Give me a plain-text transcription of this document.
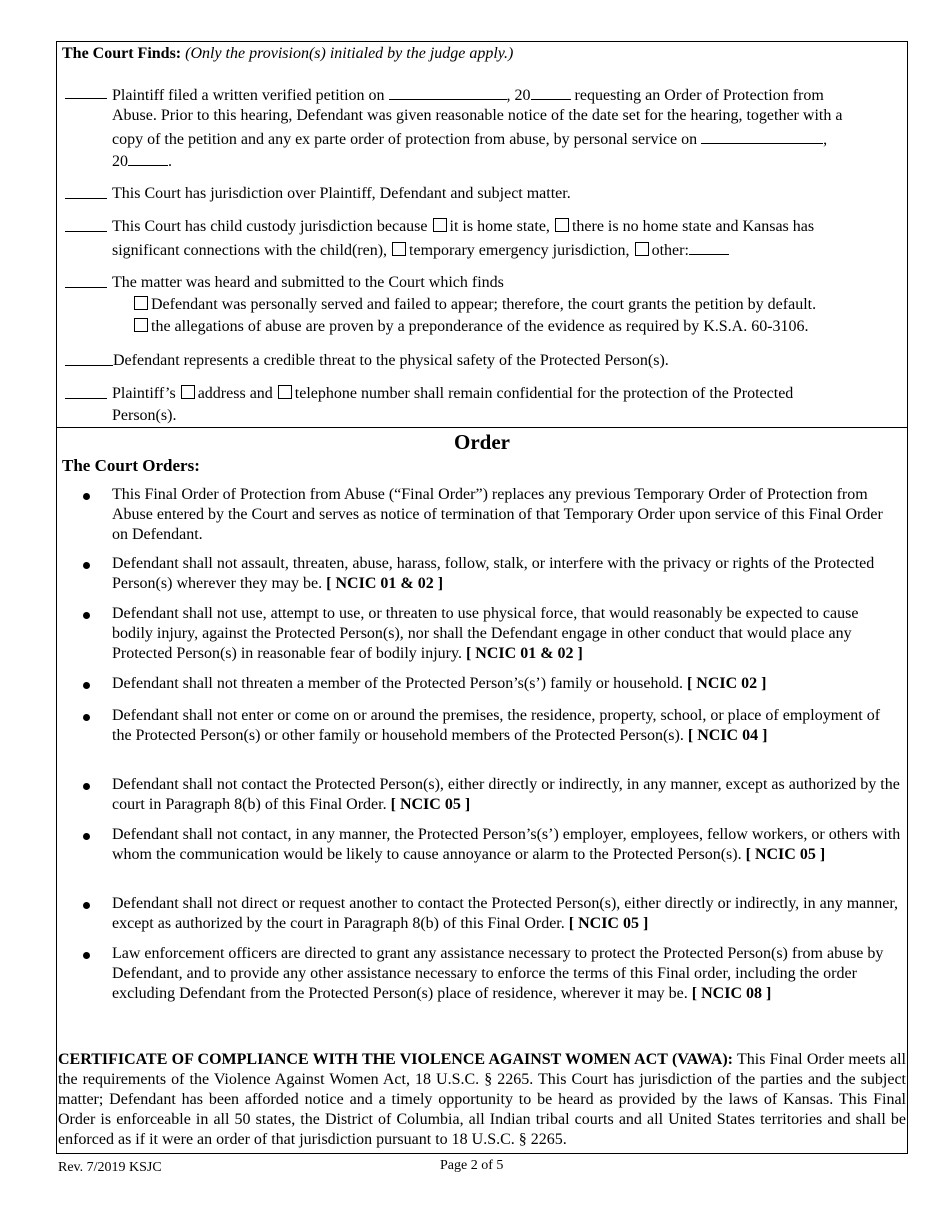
The Court Finds: (Only the provision(s) initialed by the judge apply.)
Plaintiff filed a written verified petition on	, 20	requesting an Order of Protection from
Abuse. Prior to this hearing, Defendant was given reasonable notice of the date set for the hearing, together with a
copy of the petition and any ex parte order of protection from abuse, by personal service on	,
20	.
This Court has jurisdiction over Plaintiff, Defendant and subject matter.
This Court has child custody jurisdiction because it is home state, there is no home state and Kansas has
significant connections with the child(ren), temporary emergency jurisdiction, other:
The matter was heard and submitted to the Court which finds
Defendant was personally served and failed to appear; therefore, the court grants the petition by default.
the allegations of abuse are proven by a preponderance of the evidence as required by K.S.A. 60-3106.
Defendant represents a credible threat to the physical safety of the Protected Person(s).
Plaintiff’s address and telephone number shall remain confidential for the protection of the Protected
Person(s).
Order
The Court Orders:
This Final Order of Protection from Abuse (“Final Order”) replaces any previous Temporary Order of Protection from Abuse entered by the Court and serves as notice of termination of that Temporary Order upon service of this Final Order on Defendant.
Defendant shall not assault, threaten, abuse, harass, follow, stalk, or interfere with the privacy or rights of the Protected Person(s) wherever they may be. [ NCIC 01 & 02 ]
Defendant shall not use, attempt to use, or threaten to use physical force, that would reasonably be expected to cause bodily injury, against the Protected Person(s), nor shall the Defendant engage in other conduct that would place any Protected Person(s) in reasonable fear of bodily injury. [ NCIC 01 & 02 ]
Defendant shall not threaten a member of the Protected Person’s(s’) family or household. [ NCIC 02 ]
Defendant shall not enter or come on or around the premises, the residence, property, school, or place of employment of the Protected Person(s) or other family or household members of the Protected Person(s). [ NCIC 04 ]
Defendant shall not contact the Protected Person(s), either directly or indirectly, in any manner, except as authorized by the court in Paragraph 8(b) of this Final Order. [ NCIC 05 ]
Defendant shall not contact, in any manner, the Protected Person’s(s’) employer, employees, fellow workers, or others with whom the communication would be likely to cause annoyance or alarm to the Protected Person(s). [ NCIC 05 ]
Defendant shall not direct or request another to contact the Protected Person(s), either directly or indirectly, in any manner, except as authorized by the court in Paragraph 8(b) of this Final Order. [ NCIC 05 ]
Law enforcement officers are directed to grant any assistance necessary to protect the Protected Person(s) from abuse by Defendant, and to provide any other assistance necessary to enforce the terms of this Final order, including the order excluding Defendant from the Protected Person(s) place of residence, wherever it may be. [ NCIC 08 ]
CERTIFICATE OF COMPLIANCE WITH THE VIOLENCE AGAINST WOMEN ACT (VAWA): This Final Order meets all the requirements of the Violence Against Women Act, 18 U.S.C. § 2265. This Court has jurisdiction of the parties and the subject matter; Defendant has been afforded notice and a timely opportunity to be heard as provided by the laws of Kansas. This Final Order is enforceable in all 50 states, the District of Columbia, all Indian tribal courts and all United States territories and shall be enforced as if it were an order of that jurisdiction pursuant to 18 U.S.C. § 2265.
Rev. 7/2019 KSJC	Page 2 of 5
